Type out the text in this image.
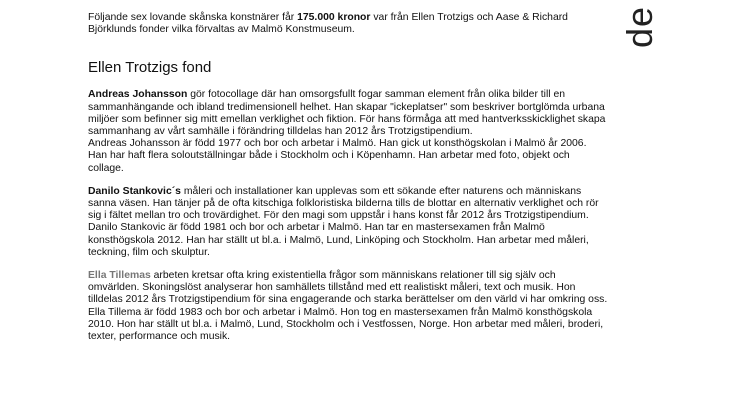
de

Följande sex lovande skånska konstnärer får 175.000 kronor var från Ellen Trotzigs och Aase & Richard Björklunds fonder vilka förvaltas av Malmö Konstmuseum.

Ellen Trotzigs fond

Andreas Johansson gör fotocollage där han omsorgsfullt fogar samman element från olika bilder till en sammanhängande och ibland tredimensionell helhet. Han skapar "ickeplatser" som beskriver bortglömda urbana miljöer som befinner sig mitt emellan verklighet och fiktion. För hans förmåga att med hantverksskicklighet skapa sammanhang av vårt samhälle i förändring tilldelas han 2012 års Trotzigstipendium.

Andreas Johansson är född 1977 och bor och arbetar i Malmö. Han gick ut konsthögskolan i Malmö år 2006. Han har haft flera soloutställningar både i Stockholm och i Köpenhamn. Han arbetar med foto, objekt och collage.

Danilo Stankovic´s måleri och installationer kan upplevas som ett sökande efter naturens och människans sanna väsen. Han tänjer på de ofta kitschiga folkloristiska bilderna tills de blottar en alternativ verklighet och rör sig i fältet mellan tro och trovärdighet. För den magi som uppstår i hans konst får 2012 års Trotzigstipendium.

Danilo Stankovic är född 1981 och bor och arbetar i Malmö. Han tar en mastersexamen från Malmö konsthögskola 2012. Han har ställt ut bl.a. i Malmö, Lund, Linköping och Stockholm. Han arbetar med måleri, teckning, film och skulptur.

Ella Tillemas arbeten kretsar ofta kring existentiella frågor som människans relationer till sig själv och omvärlden. Skoningslöst analyserar hon samhällets tillstånd med ett realistiskt måleri, text och musik. Hon tilldelas 2012 års Trotzigstipendium för sina engagerande och starka berättelser om den värld vi har omkring oss.

Ella Tillema är född 1983 och bor och arbetar i Malmö. Hon tog en mastersexamen från Malmö konsthögskola 2010. Hon har ställt ut bl.a. i Malmö, Lund, Stockholm och i Vestfossen, Norge. Hon arbetar med måleri, broderi, texter, performance och musik.
